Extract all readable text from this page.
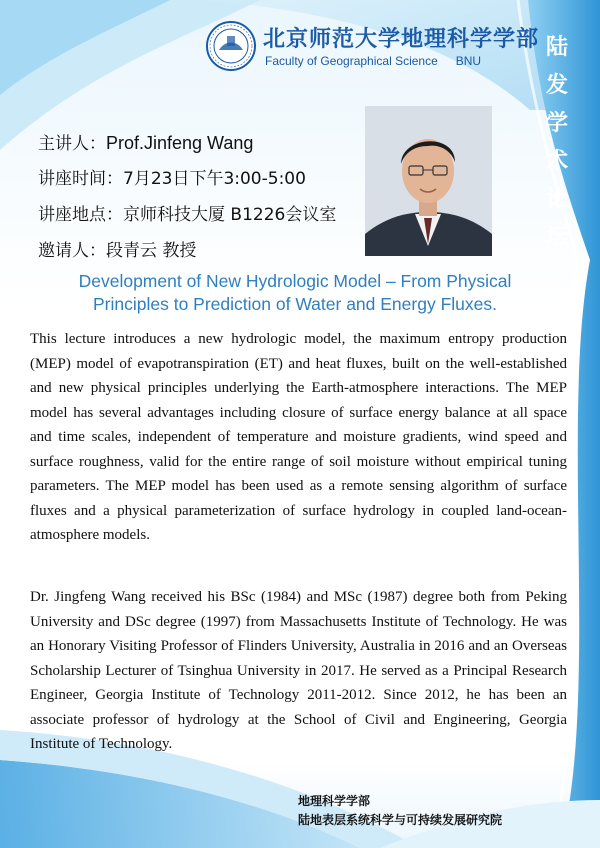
北京师范大学地理科学学部
Faculty of Geographical Science BNU
陆
发
学
术
论
坛
主讲人：Prof.Jinfeng Wang
讲座时间：7月23日下午3:00-5:00
讲座地点：京师科技大厦 B1226会议室
邀请人：段青云 教授
Development of New Hydrologic Model – From Physical
Principles to Prediction of Water and Energy Fluxes.

This lecture introduces a new hydrologic model, the maximum entropy production (MEP) model of evapotranspiration (ET) and heat fluxes, built on the well-established and new physical principles underlying the Earth-atmosphere interactions. The MEP model has several advantages including closure of surface energy balance at all space and time scales, independent of temperature and moisture gradients, wind speed and surface roughness, valid for the entire range of soil moisture without empirical tuning parameters. The MEP model has been used as a remote sensing algorithm of surface fluxes and a physical parameterization of surface hydrology in coupled land-ocean-atmosphere models.

Dr. Jingfeng Wang received his BSc (1984) and MSc (1987) degree both from Peking University and DSc degree (1997) from Massachusetts Institute of Technology. He was an Honorary Visiting Professor of Flinders University, Australia in 2016 and an Overseas Scholarship Lecturer of Tsinghua University in 2017. He served as a Principal Research Engineer, Georgia Institute of Technology 2011-2012. Since 2012, he has been an associate professor of hydrology at the School of Civil and Engineering, Georgia Institute of Technology.

地理科学学部
陆地表层系统科学与可持续发展研究院
